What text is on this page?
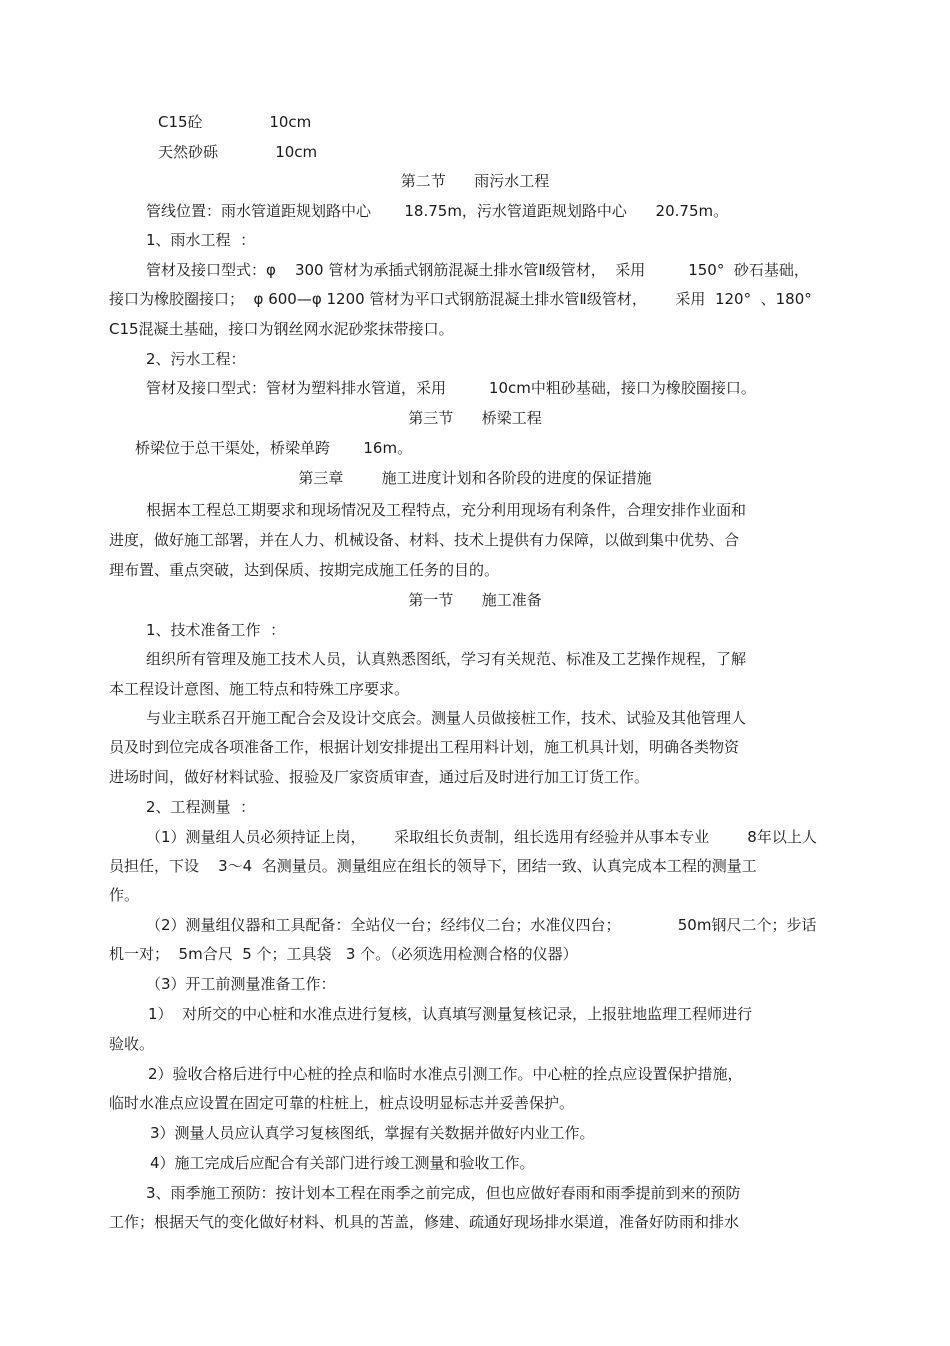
C15砼              10cm
天然砂砾            10cm
第二节      雨污水工程
管线位置：雨水管道距规划路中心       18.75m，污水管道距规划路中心      20.75m。
1、雨水工程  ：
管材及接口型式：φ    300 管材为承插式钢筋混凝土排水管Ⅱ级管材，  采用         150°  砂石基础，
接口为橡胶圈接口；  φ 600—φ 1200 管材为平口式钢筋混凝土排水管Ⅱ级管材，      采用  120°  、180°
C15混凝土基础，接口为钢丝网水泥砂浆抹带接口。
2、污水工程：
管材及接口型式：管材为塑料排水管道，采用         10cm中粗砂基础，接口为橡胶圈接口。
第三节      桥梁工程
桥梁位于总干渠处，桥梁单跨       16m。
第三章        施工进度计划和各阶段的进度的保证措施
根据本工程总工期要求和现场情况及工程特点，充分利用现场有利条件，合理安排作业面和
进度，做好施工部署，并在人力、机械设备、材料、技术上提供有力保障，以做到集中优势、合
理布置、重点突破，达到保质、按期完成施工任务的目的。
第一节      施工准备
1、技术准备工作  ：
组织所有管理及施工技术人员，认真熟悉图纸，学习有关规范、标准及工艺操作规程，了解
本工程设计意图、施工特点和特殊工序要求。
与业主联系召开施工配合会及设计交底会。测量人员做接桩工作，技术、试验及其他管理人
员及时到位完成各项准备工作，根据计划安排提出工程用料计划，施工机具计划，明确各类物资
进场时间，做好材料试验、报验及厂家资质审查，通过后及时进行加工订货工作。
2、工程测量  ：
（1）测量组人员必须持证上岗，      采取组长负责制，组长选用有经验并从事本专业        8年以上人
员担任，下设    3～4  名测量员。测量组应在组长的领导下，团结一致、认真完成本工程的测量工
作。
（2）测量组仪器和工具配备：全站仪一台；经纬仪二台；水准仪四台；            50m钢尺二个；步话
机一对；  5m合尺  5 个；工具袋   3 个。（必须选用检测合格的仪器）
（3）开工前测量准备工作：
1）  对所交的中心桩和水准点进行复核，认真填写测量复核记录，上报驻地监理工程师进行
验收。
2）验收合格后进行中心桩的拴点和临时水准点引测工作。中心桩的拴点应设置保护措施，
临时水准点应设置在固定可靠的柱桩上，桩点设明显标志并妥善保护。
3）测量人员应认真学习复核图纸，掌握有关数据并做好内业工作。
4）施工完成后应配合有关部门进行竣工测量和验收工作。
3、雨季施工预防：按计划本工程在雨季之前完成，但也应做好春雨和雨季提前到来的预防
工作；根据天气的变化做好材料、机具的苫盖，修建、疏通好现场排水渠道，准备好防雨和排水
